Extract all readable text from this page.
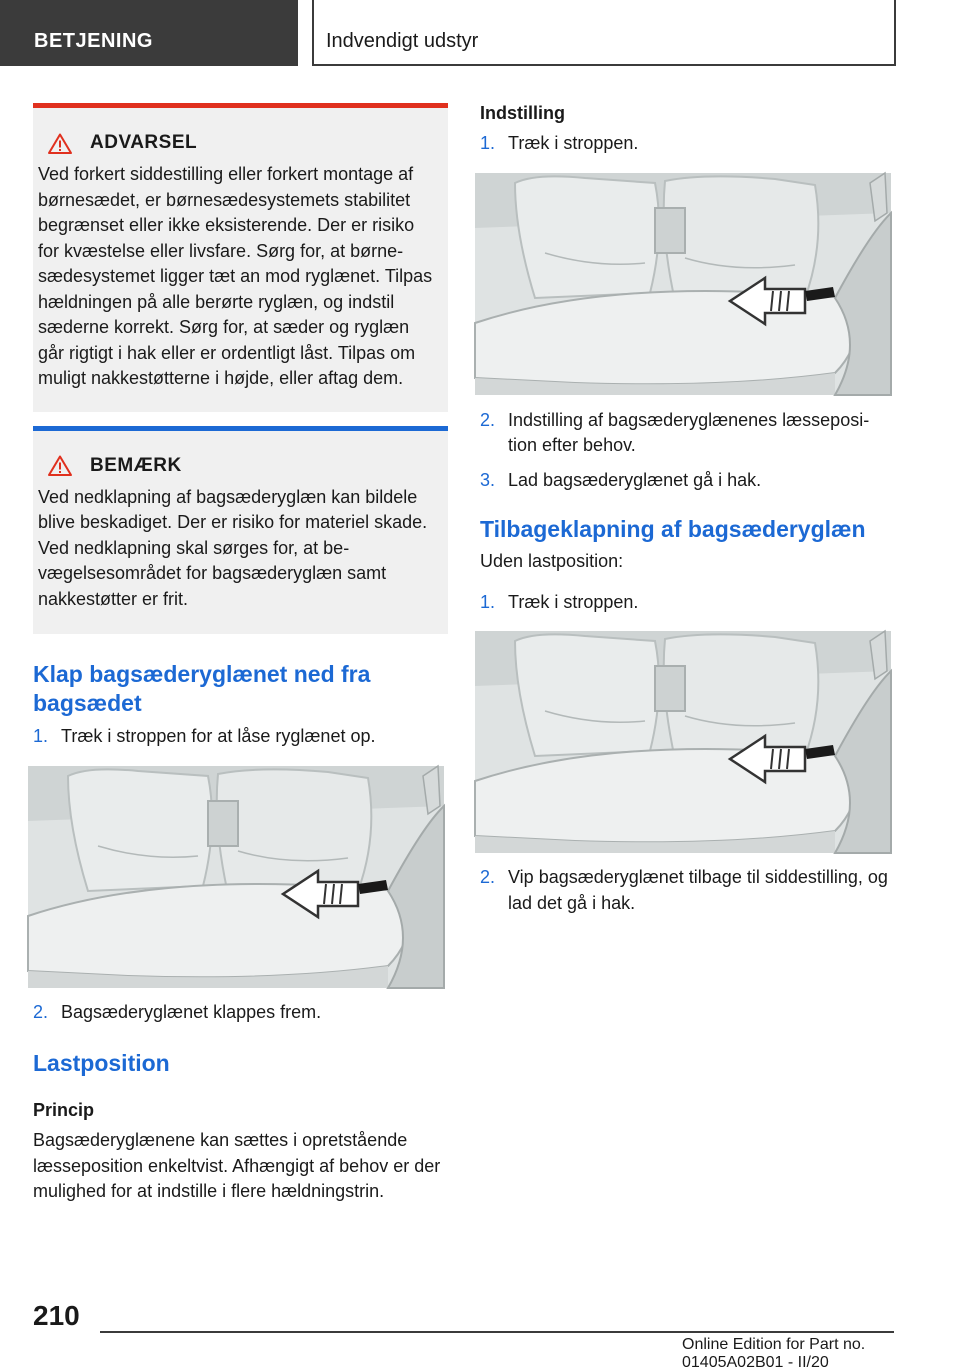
BETJENING	Indvendigt udstyr
ADVARSEL
Ved forkert siddestilling eller forkert montage af børnesædet, er børnesædesystemets stabilitet begrænset eller ikke eksisterende. Der er risiko for kvæstelse eller livsfare. Sørg for, at børnesædesystemet ligger tæt an mod ryglænet. Tilpas hældningen på alle berørte ryglæn, og indstil sæderne korrekt. Sørg for, at sæder og ryglæn går rigtigt i hak eller er ordentligt låst. Tilpas om muligt nakkestøtterne i højde, eller aftag dem.
BEMÆRK
Ved nedklapning af bagsæderyglæn kan bildele blive beskadiget. Der er risiko for materiel skade. Ved nedklapning skal sørges for, at bevægelsesområdet for bagsæderyglæn samt nakkestøtter er frit.
Klap bagsæderyglænet ned fra bagsædet
1. Træk i stroppen for at låse ryglænet op.
2. Bagsæderyglænet klappes frem.
Lastposition
Princip

Bagsæderyglænene kan sættes i opretstående læsseposition enkeltvist. Afhængigt af behov er der mulighed for at indstille i flere hældningstrin.

Indstilling
1. Træk i stroppen.
2. Indstilling af bagsæderyglænenes læsseposition efter behov.
3. Lad bagsæderyglænet gå i hak.
Tilbageklapning af bagsæderyglæn

Uden lastposition:

1. Træk i stroppen.
2. Vip bagsæderyglænet tilbage til siddestilling, og lad det gå i hak.
210
Online Edition for Part no. 01405A02B01 - II/20
